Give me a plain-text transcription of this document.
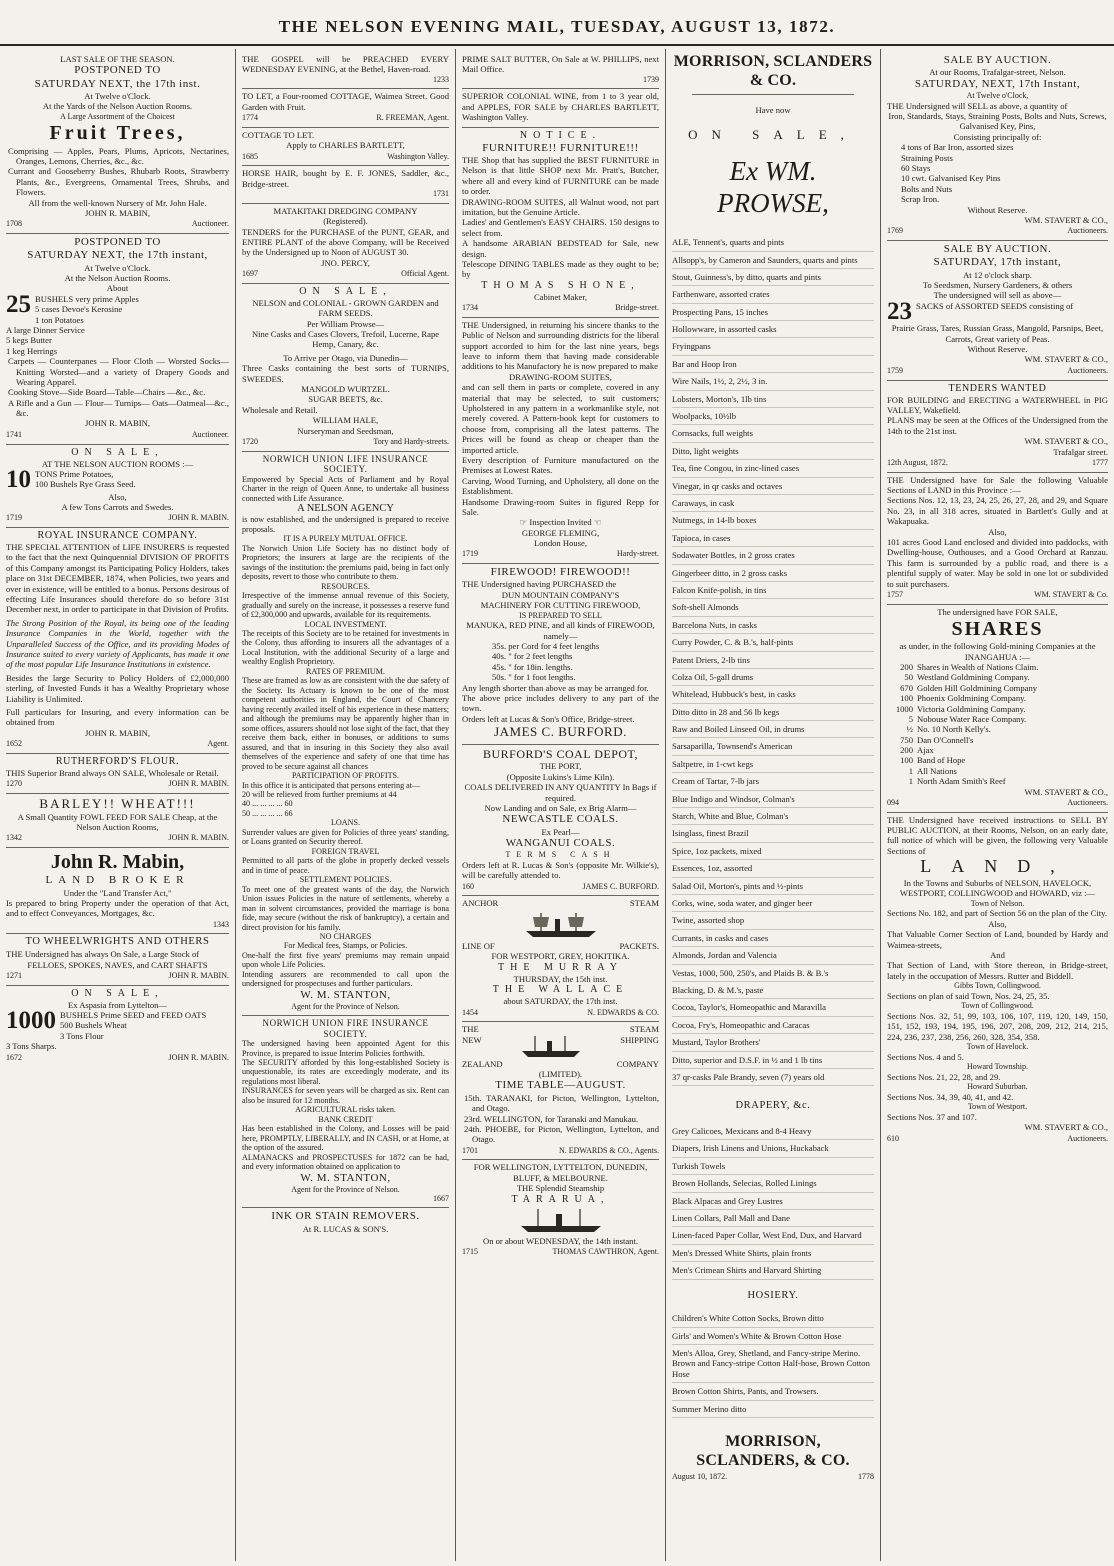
THE NELSON EVENING MAIL, TUESDAY, AUGUST 13, 1872.
LAST SALE OF THE SEASON.
POSTPONED TO
SATURDAY NEXT, the 17th inst.
At Twelve o'Clock.
At the Yards of the Nelson Auction Rooms.
A Large Assortment of the Choicest
Fruit Trees,
Comprising — Apples, Pears, Plums, Apricots, Nectarines, Oranges, Lemons, Cherries, &c., &c.
Currant and Gooseberry Bushes, Rhubarb Roots, Strawberry Plants, &c., Evergreens, Ornamental Trees, Shrubs, and Flowers.
All from the well-known Nursery of Mr. John Hale.
JOHN R. MABIN,
1708	Auctioneer.
POSTPONED TO
SATURDAY NEXT, the 17th instant,
At Twelve o'Clock.
At the Nelson Auction Rooms.
About
25 BUSHELS very prime Apples
5 cases Devoe's Kerosine
1 ton Potatoes
A large Dinner Service
5 kegs Butter
1 keg Herrings
Carpets — Counterpanes — Floor Cloth — Worsted Socks—Knitting Worsted—and a variety of Drapery Goods and Wearing Apparel.
Cooking Stove—Side Board—Table—Chairs —&c., &c.
A Rifle and a Gun — Flour— Turnips— Oats—Oatmeal—&c., &c.
JOHN R. MABIN,
1741	Auctioneer.
ON SALE,
AT THE NELSON AUCTION ROOMS :—
10 TONS Prime Potatoes,
100 Bushels Rye Grass Seed.
Also,
A few Tons Carrots and Swedes.
1719	JOHN R. MABIN.
ROYAL INSURANCE COMPANY.
THE SPECIAL ATTENTION of LIFE INSURERS is requested to the fact that the next Quinquennial DIVISION OF PROFITS of this Company amongst its Participating Policy Holders, takes place on 31st DECEMBER, 1874, when Policies, two years and over in existence, will be entitled to a bonus. Persons desirous of effecting Life Insurances should therefore do so before 31st December next, in order to participate in that Division of Profits.
The Strong Position of the Royal, its being one of the leading Insurance Companies in the World, together with the Unparalleled Success of the Office, and its providing Modes of Insurance suited to every variety of Applicants, has made it one of the most popular Life Insurance Institutions in existence.
Besides the large Security to Policy Holders of £2,000,000 sterling, of Invested Funds it has a Wealthy Proprietary whose Liability is Unlimited.
Full particulars for Insuring, and every information can be obtained from
JOHN R. MABIN,
1652	Agent.
RUTHERFORD'S FLOUR.
THIS Superior Brand always ON SALE, Wholesale or Retail.
1270	JOHN R. MABIN.
BARLEY!! WHEAT!!!
A Small Quantity FOWL FEED FOR SALE Cheap, at the Nelson Auction Rooms,
1342	JOHN R. MABIN.
John R. Mabin,
LAND BROKER
Under the "Land Transfer Act,"
Is prepared to bring Property under the operation of that Act, and to effect Conveyances, Mortgages, &c.
1343
TO WHEELWRIGHTS AND OTHERS
THE Undersigned has always On Sale, a Large Stock of
FELLOES, SPOKES, NAVES, and CART SHAFTS
1271	JOHN R. MABIN.
ON SALE,
Ex Aspasia from Lyttelton—
1000 BUSHELS Prime SEED and FEED OATS
500 Bushels Wheat
3 Tons Flour
3 Tons Sharps.
1672	JOHN R. MABIN.
THE GOSPEL will be PREACHED EVERY WEDNESDAY EVENING, at the Bethel, Haven-road.
1233
TO LET, a Four-roomed COTTAGE, Waimea Street. Good Garden with Fruit.
1774	R. FREEMAN, Agent.
COTTAGE TO LET.
Apply to CHARLES BARTLETT,
1685	Washington Valley.
HORSE HAIR, bought by E. F. JONES, Saddler, &c., Bridge-street.
1731
MATAKITAKI DREDGING COMPANY
(Registered).
TENDERS for the PURCHASE of the PUNT, GEAR, and ENTIRE PLANT of the above Company, will be Received by the Undersigned up to Noon of AUGUST 30.
JNO. PERCY,
1697	Official Agent.
ON SALE,
NELSON and COLONIAL - GROWN GARDEN and FARM SEEDS.
Per William Prowse—
Nine Casks and Cases Clovers, Trefoil, Lucerne, Rape Hemp, Canary, &c.
To Arrive per Otago, via Dunedin—
Three Casks containing the best sorts of TURNIPS, SWEEDES.
MANGOLD WURTZEL.
SUGAR BEETS, &c.
Wholesale and Retail.
WILLIAM HALE,
Nurseryman and Seedsman,
1720	Tory and Hardy-streets.
NORWICH UNION LIFE INSURANCE SOCIETY.
Empowered by Special Acts of Parliament and by Royal Charter in the reign of Queen Anne, to undertake all business connected with Life Assurance.
A NELSON AGENCY
is now established, and the undersigned is prepared to receive proposals.
IT IS A PURELY MUTUAL OFFICE.
The Norwich Union Life Society has no distinct body of Proprietors; the insurers at large are the recipients of the savings of the institution: the premiums paid, being in fact only deposits, revert to those who contribute to them.
RESOURCES.
Irrespective of the immense annual revenue of this Society, gradually and surely on the increase, it possesses a reserve fund of £2,300,000 and upwards, available for its requirements.
LOCAL INVESTMENT.
The receipts of this Society are to be retained for investments in the Colony, thus affording to insurers all the advantages of a Local Institution, with the additional Security of a large and wealthy English Proprietory.
RATES OF PREMIUM.
These are framed as low as are consistent with the due safety of the Society. Its Actuary is known to be one of the most competent authorities in England, the Court of Chancery having recently availed itself of his experience in these matters; and although the premiums may be apparently higher than in some offices, assurers should not lose sight of the fact, that they receive them back, either in bonuses, or additions to sums assured, and that in insuring in this Society they also avail themselves of the experience and safety of one that time has proved to be secure against all chances
PARTICIPATION OF PROFITS.
In this office it is anticipated that persons entering at—
20 will be relieved from further premiums at 44
40 ... ... ... ... 60
50 ... ... ... ... 66
LOANS.
Surrender values are given for Policies of three years' standing, or Loans granted on Security thereof.
FOREIGN TRAVEL
Permitted to all parts of the globe in properly decked vessels and in time of peace.
SETTLEMENT POLICIES.
To meet one of the greatest wants of the day, the Norwich Union issues Policies in the nature of settlements, whereby a man in solvent circumstances, provided the marriage is bona fide, may secure (without the risk of bankruptcy), a certain and direct provision for his family.
NO CHARGES
For Medical fees, Stamps, or Policies.
One-half the first five years' premiums may remain unpaid upon whole Life Policies.
Intending assurers are recommended to call upon the undersigned for prospectuses and further particulars.
W. M. STANTON,
Agent for the Province of Nelson.
NORWICH UNION FIRE INSURANCE SOCIETY.
The undersigned having been appointed Agent for this Province, is prepared to issue Interim Policies forthwith.
The SECURITY afforded by this long-established Society is unquestionable, its rates are exceedingly moderate, and its regulations most liberal.
INSURANCES for seven years will be charged as six. Rent can also be insured for 12 months.
AGRICULTURAL risks taken.
BANK CREDIT
Has been established in the Colony, and Losses will be paid here, PROMPTLY, LIBERALLY, and IN CASH, or at Home, at the option of the assured.
ALMANACKS and PROSPECTUSES for 1872 can be had, and every information obtained on application to
W. M. STANTON,
Agent for the Province of Nelson.
1667
INK OR STAIN REMOVERS.
At R. LUCAS & SON'S.
PRIME SALT BUTTER, On Sale at W. PHILLIPS, next Mail Office.
1739
SUPERIOR COLONIAL WINE, from 1 to 3 year old, and APPLES, FOR SALE by CHARLES BARTLETT, Washington Valley.
NOTICE.
FURNITURE!! FURNITURE!!!
THE Shop that has supplied the BEST FURNITURE in Nelson is that little SHOP next Mr. Pratt's, Butcher, where all and every kind of FURNITURE can be made to order.
DRAWING-ROOM SUITES, all Walnut wood, not part imitation, but the Genuine Article.
Ladies' and Gentlemen's EASY CHAIRS. 150 designs to select from.
A handsome ARABIAN BEDSTEAD for Sale, new design.
Telescope DINING TABLES made as they ought to be; by
THOMAS SHONE,
Cabinet Maker,
1734	Bridge-street.
THE Undersigned, in returning his sincere thanks to the Public of Nelson and surrounding districts for the liberal support accorded to him for the last nine years, begs leave to inform them that having made considerable additions to his Manufactory he is now prepared to make
DRAWING-ROOM SUITES,
and can sell them in parts or complete, covered in any material that may be selected, to suit customers; Upholstered in any pattern in a workmanlike style, not merely covered. A Pattern-book kept for customers to choose from, comprising all the latest patterns. The Prices will be found as cheap or cheaper than the imported article.
Every description of Furniture manufactured on the Premises at Lowest Rates.
Carving, Wood Turning, and Upholstery, all done on the Establishment.
Handsome Drawing-room Suites in figured Repp for Sale.
☞ Inspection Invited ☜
GEORGE FLEMING,
London House,
1719	Hardy-street.
FIREWOOD! FIREWOOD!!
THE Undersigned having PURCHASED the
DUN MOUNTAIN COMPANY'S
MACHINERY FOR CUTTING FIREWOOD,
IS PREPARED TO SELL
MANUKA, RED PINE, and all kinds of FIREWOOD, namely—
35s. per Cord for 4 feet lengths
40s. " for 2 feet lengths
45s. " for 18in. lengths.
50s. " for 1 foot lengths.
Any length shorter than above as may be arranged for.
The above price includes delivery to any part of the town.
Orders left at Lucas & Son's Office, Bridge-street.
JAMES C. BURFORD.
BURFORD'S COAL DEPOT,
THE PORT,
(Opposite Lukins's Lime Kiln).
COALS DELIVERED IN ANY QUANTITY In Bags if required.
Now Landing and on Sale, ex Brig Alarm—
NEWCASTLE COALS.
Ex Pearl—
WANGANUI COALS.
TERMS CASH
Orders left at R. Lucas & Son's (opposite Mr. Wilkie's), will be carefully attended to.
160	JAMES C. BURFORD.
ANCHOR	STEAM
LINE OF	PACKETS.
FOR WESTPORT, GREY, HOKITIKA.
THE MURRAY
THURSDAY, the 15th inst.
THE WALLACE
about SATURDAY, the 17th inst.
1454	N. EDWARDS & CO.
THE	STEAM
NEW	SHIPPING
ZEALAND	COMPANY
(LIMITED).
TIME TABLE—AUGUST.
15th. TARANAKI, for Picton, Wellington, Lyttelton, and Otago.
23rd. WELLINGTON, for Taranaki and Manukau.
24th. PHOEBE, for Picton, Wellington, Lyttelton, and Otago.
1701	N. EDWARDS & CO., Agents.
FOR WELLINGTON, LYTTELTON, DUNEDIN, BLUFF, & MELBOURNE.
THE Splendid Steamship
TARARUA,
On or about WEDNESDAY, the 14th instant.
1715	THOMAS CAWTHRON, Agent.
MORRISON, SCLANDERS & CO.
Have now
ON SALE,
Ex WM. PROWSE,
ALE, Tennent's, quarts and pints
Allsopp's, by Cameron and Saunders, quarts and pints
Stout, Guinness's, by ditto, quarts and pints
Farthenware, assorted crates
Prospecting Pans, 15 inches
Hollowware, in assorted casks
Fryingpans
Bar and Hoop Iron
Wire Nails, 1½, 2, 2½, 3 in.
Lobsters, Morton's, 1lb tins
Woolpacks, 10½lb
Cornsacks, full weights
Ditto, light weights
Tea, fine Congou, in zinc-lined cases
Vinegar, in qr casks and octaves
Caraways, in cask
Nutmegs, in 14-lb boxes
Tapioca, in cases
Sodawater Bottles, in 2 gross crates
Gingerbeer ditto, in 2 gross casks
Falcon Knife-polish, in tins
Soft-shell Almonds
Barcelona Nuts, in casks
Curry Powder, C. & B.'s, half-pints
Patent Driers, 2-lb tins
Colza Oil, 5-gall drums
Whitelead, Hubbuck's best, in casks
Ditto ditto in 28 and 56 lb kegs
Raw and Boiled Linseed Oil, in drums
Sarsaparilla, Townsend's American
Saltpetre, in 1-cwt kegs
Cream of Tartar, 7-lb jars
Blue Indigo and Windsor, Colman's
Starch, White and Blue, Colman's
Isinglass, finest Brazil
Spice, 1oz packets, mixed
Essences, 1oz, assorted
Salad Oil, Morton's, pints and ½-pints
Corks, wine, soda water, and ginger beer
Twine, assorted shop
Currants, in casks and cases
Almonds, Jordan and Valencia
Vestas, 1000, 500, 250's, and Plaids B. & B.'s
Blacking, D. & M.'s, paste
Cocoa, Taylor's, Homeopathic and Maravilla
Cocoa, Fry's, Homeopathic and Caracas
Mustard, Taylor Brothers'
Ditto, superior and D.S.F. in ½ and 1 lb tins
37 qr-casks Pale Brandy, seven (7) years old
DRAPERY, &c.
Grey Calicoes, Mexicans and 8-4 Heavy
Diapers, Irish Linens and Unions, Huckaback
Turkish Towels
Brown Hollands, Selecias, Rolled Linings
Black Alpacas and Grey Lustres
Linen Collars, Pall Mall and Dane
Linen-faced Paper Collar, West End, Dux, and Harvard
Men's Dressed White Shirts, plain fronts
Men's Crimean Shirts and Harvard Shirting
HOSIERY.
Children's White Cotton Socks, Brown ditto
Girls' and Women's White & Brown Cotton Hose
Men's Alloa, Grey, Shetland, and Fancy-stripe Merino. Brown and Fancy-stripe Cotton Half-hose, Brown Cotton Hose
Brown Cotton Shirts, Pants, and Trowsers.
Summer Merino ditto
MORRISON, SCLANDERS, & CO.
August 10, 1872.	1778
SALE BY AUCTION.
At our Rooms, Trafalgar-street, Nelson.
SATURDAY, NEXT, 17th Instant,
At Twelve o'Clock,
THE Undersigned will SELL as above, a quantity of
Iron, Standards, Stays, Straining Posts, Bolts and Nuts, Screws, Galvanised Key, Pins,
Consisting principally of:
4 tons of Bar Iron, assorted sizes
Straining Posts
60 Stays
10 cwt. Galvanised Key Pins
Bolts and Nuts
Scrap Iron.
Without Reserve.
WM. STAVERT & CO.,
1769	Auctioneers.
SALE BY AUCTION.
SATURDAY, 17th instant,
At 12 o'clock sharp.
To Seedsmen, Nursery Gardeners, & others
The undersigned will sell as above—
23 SACKS of ASSORTED SEEDS consisting of
Prairie Grass, Tares, Russian Grass, Mangold, Parsnips, Beet, Carrots, Great variety of Peas.
Without Reserve.
WM. STAVERT & CO.,
1759	Auctioneers.
TENDERS WANTED
FOR BUILDING and ERECTING a WATERWHEEL in PIG VALLEY, Wakefield.
PLANS may be seen at the Offices of the Undersigned from the 14th to the 21st inst.
WM. STAVERT & CO.,
Trafalgar street.
12th August, 1872.	1777
THE Undersigned have for Sale the following Valuable Sections of LAND in this Province :—
Sections Nos. 12, 13, 23, 24, 25, 26, 27, 28, and 29, and Square No. 23, in all 318 acres, situated in Bartlett's Gully and at Wakapuaka.
Also,
101 acres Good Land enclosed and divided into paddocks, with Dwelling-house, Outhouses, and a Good Orchard at Ranzau. This farm is surrounded by a public road, and there is a plentiful supply of water. May be sold in one lot or subdivided to suit purchasers.
1757	WM. STAVERT & Co.
The undersigned have FOR SALE,
SHARES
as under, in the following Gold-mining Companies at the INANGAHUA :—
200 Shares in Wealth of Nations Claim.
50 Westland Goldmining Company.
670 Golden Hill Goldmining Company
100 Phoenix Goldmining Company.
1000 Victoria Goldmining Company.
5 Nobouse Water Race Company.
½ No. 10 North Kelly's.
750 Dan O'Connell's
200 Ajax
100 Band of Hope
1 All Nations
1 North Adam Smith's Reef
WM. STAVERT & CO.,
094	Auctioneers.
THE Undersigned have received instructions to SELL BY PUBLIC AUCTION, at their Rooms, Nelson, on an early date, full notice of which will be given, the following very Valuable Sections of
LAND,
In the Towns and Suburbs of NELSON, HAVELOCK, WESTPORT, COLLINGWOOD and HOWARD, viz :—
Town of Nelson.
Sections No. 182, and part of Section 56 on the plan of the City.
Also,
That Valuable Corner Section of Land, bounded by Hardy and Waimea-streets,
And
That Section of Land, with Store thereon, in Bridge-street, lately in the occupation of Messrs. Rutter and Biddell.
Gibbs Town, Collingwood.
Sections on plan of said Town, Nos. 24, 25, 35.
Town of Collingwood.
Sections Nos. 32, 51, 99, 103, 106, 107, 119, 120, 149, 150, 151, 152, 193, 194, 195, 196, 207, 208, 209, 212, 214, 215, 224, 236, 237, 238, 256, 260, 328, 354, 358.
Town of Havelock.
Sections Nos. 4 and 5.
Howard Township.
Sections Nos. 21, 22, 28, and 29.
Howard Suburban.
Sections Nos. 34, 39, 40, 41, and 42.
Town of Westport.
Sections Nos. 37 and 107.
WM. STAVERT & CO.,
610	Auctioneers.
